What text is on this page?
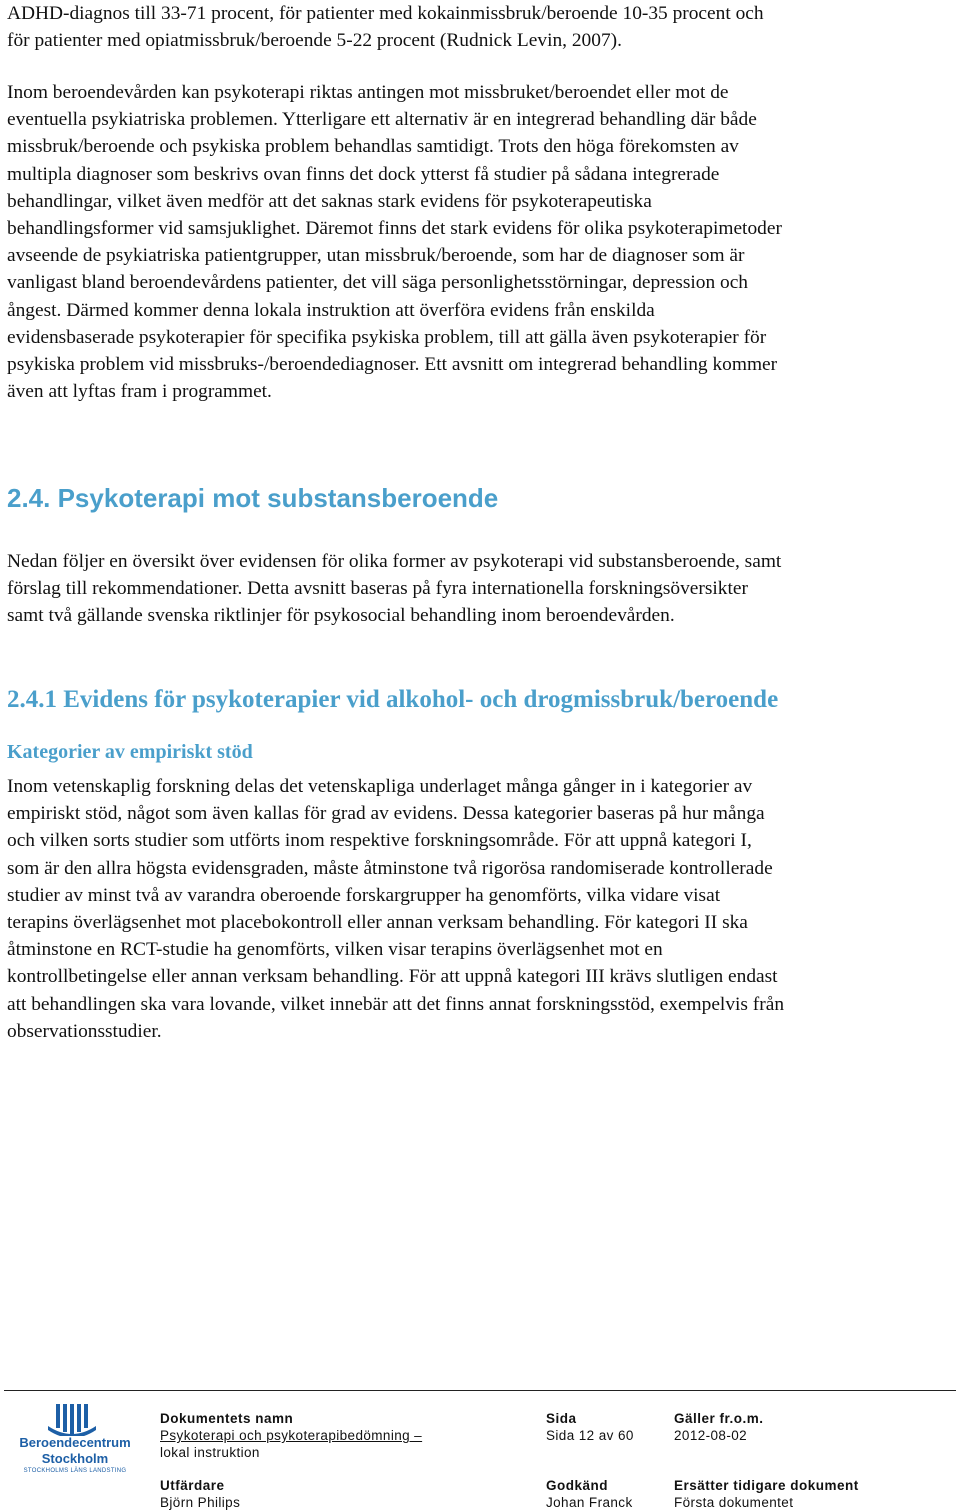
ADHD-diagnos till 33-71 procent, för patienter med kokainmissbruk/beroende 10-35 procent och
för patienter med opiatmissbruk/beroende 5-22 procent (Rudnick Levin, 2007).
Inom beroendevården kan psykoterapi riktas antingen mot missbruket/beroendet eller mot de
eventuella psykiatriska problemen. Ytterligare ett alternativ är en integrerad behandling där både
missbruk/beroende och psykiska problem behandlas samtidigt. Trots den höga förekomsten av
multipla diagnoser som beskrivs ovan finns det dock ytterst få studier på sådana integrerade
behandlingar, vilket även medför att det saknas stark evidens för psykoterapeutiska
behandlingsformer vid samsjuklighet. Däremot finns det stark evidens för olika psykoterapimetoder
avseende de psykiatriska patientgrupper, utan missbruk/beroende, som har de diagnoser som är
vanligast bland beroendevårdens patienter, det vill säga personlighetsstörningar, depression och
ångest. Därmed kommer denna lokala instruktion att överföra evidens från enskilda
evidensbaserade psykoterapier för specifika psykiska problem, till att gälla även psykoterapier för
psykiska problem vid missbruks-/beroendediagnoser. Ett avsnitt om integrerad behandling kommer
även att lyftas fram i programmet.
2.4. Psykoterapi mot substansberoende
Nedan följer en översikt över evidensen för olika former av psykoterapi vid substansberoende, samt
förslag till rekommendationer. Detta avsnitt baseras på fyra internationella forskningsöversikter
samt två gällande svenska riktlinjer för psykosocial behandling inom beroendevården.
2.4.1 Evidens för psykoterapier vid alkohol- och drogmissbruk/beroende
Kategorier av empiriskt stöd
Inom vetenskaplig forskning delas det vetenskapliga underlaget många gånger in i kategorier av
empiriskt stöd, något som även kallas för grad av evidens. Dessa kategorier baseras på hur många
och vilken sorts studier som utförts inom respektive forskningsområde. För att uppnå kategori I,
som är den allra högsta evidensgraden, måste åtminstone två rigorösa randomiserade kontrollerade
studier av minst två av varandra oberoende forskargrupper ha genomförts, vilka vidare visat
terapins överlägsenhet mot placebokontroll eller annan verksam behandling. För kategori II ska
åtminstone en RCT-studie ha genomförts, vilken visar terapins överlägsenhet mot en
kontrollbetingelse eller annan verksam behandling. För att uppnå kategori III krävs slutligen endast
att behandlingen ska vara lovande, vilket innebär att det finns annat forskningsstöd, exempelvis från
observationsstudier.
Beroendecentrum
Stockholm
STOCKHOLMS LÄNS LANDSTING
Dokumentets namn
Psykoterapi och psykoterapibedömning –
lokal instruktion
Sida
Sida 12 av 60
Gäller fr.o.m.
2012-08-02
Utfärdare
Björn Philips
Godkänd
Johan Franck
Ersätter tidigare dokument
Första dokumentet
